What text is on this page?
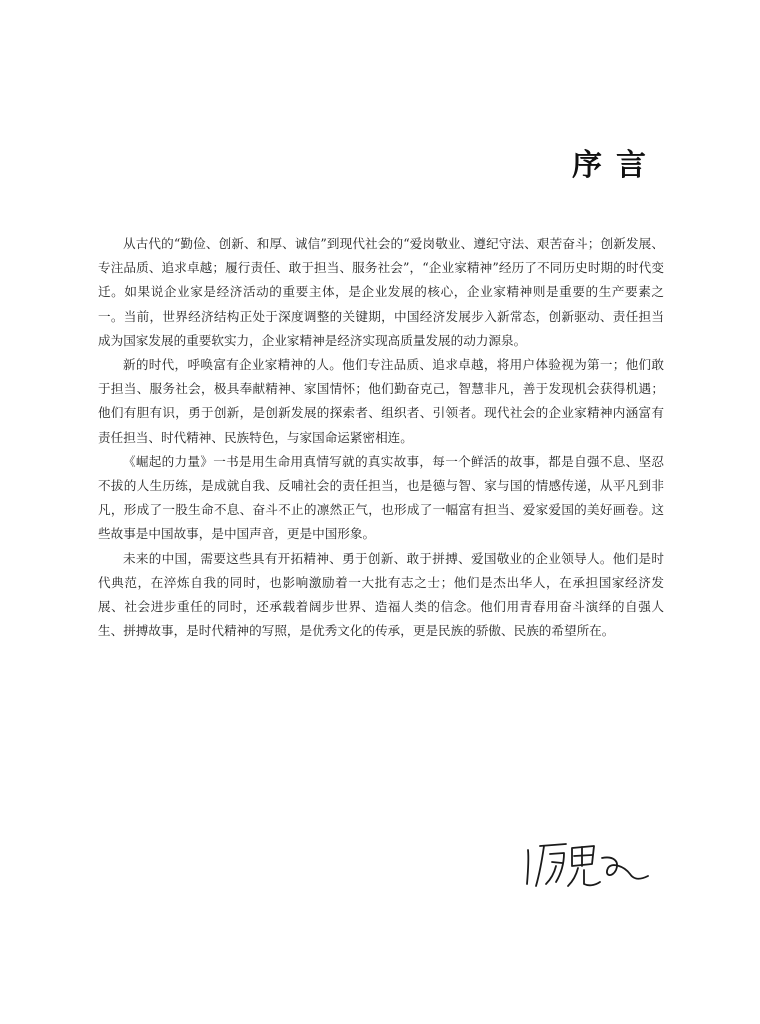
序言

从古代的“勤俭、创新、和厚、诚信”到现代社会的“爱岗敬业、遵纪守法、艰苦奋斗；创新发展、专注品质、追求卓越；履行责任、敢于担当、服务社会”，“企业家精神”经历了不同历史时期的时代变迁。如果说企业家是经济活动的重要主体，是企业发展的核心，企业家精神则是重要的生产要素之一。当前，世界经济结构正处于深度调整的关键期，中国经济发展步入新常态，创新驱动、责任担当成为国家发展的重要软实力，企业家精神是经济实现高质量发展的动力源泉。

新的时代，呼唤富有企业家精神的人。他们专注品质、追求卓越，将用户体验视为第一；他们敢于担当、服务社会，极具奉献精神、家国情怀；他们勤奋克己，智慧非凡，善于发现机会获得机遇；他们有胆有识，勇于创新，是创新发展的探索者、组织者、引领者。现代社会的企业家精神内涵富有责任担当、时代精神、民族特色，与家国命运紧密相连。

《崛起的力量》一书是用生命用真情写就的真实故事，每一个鲜活的故事，都是自强不息、坚忍不拔的人生历练，是成就自我、反哺社会的责任担当，也是德与智、家与国的情感传递，从平凡到非凡，形成了一股生命不息、奋斗不止的凛然正气，也形成了一幅富有担当、爱家爱国的美好画卷。这些故事是中国故事，是中国声音，更是中国形象。

未来的中国，需要这些具有开拓精神、勇于创新、敢于拼搏、爱国敬业的企业领导人。他们是时代典范，在淬炼自我的同时，也影响激励着一大批有志之士；他们是杰出华人，在承担国家经济发展、社会进步重任的同时，还承载着阔步世界、造福人类的信念。他们用青春用奋斗演绎的自强人生、拼搏故事，是时代精神的写照，是优秀文化的传承，更是民族的骄傲、民族的希望所在。
